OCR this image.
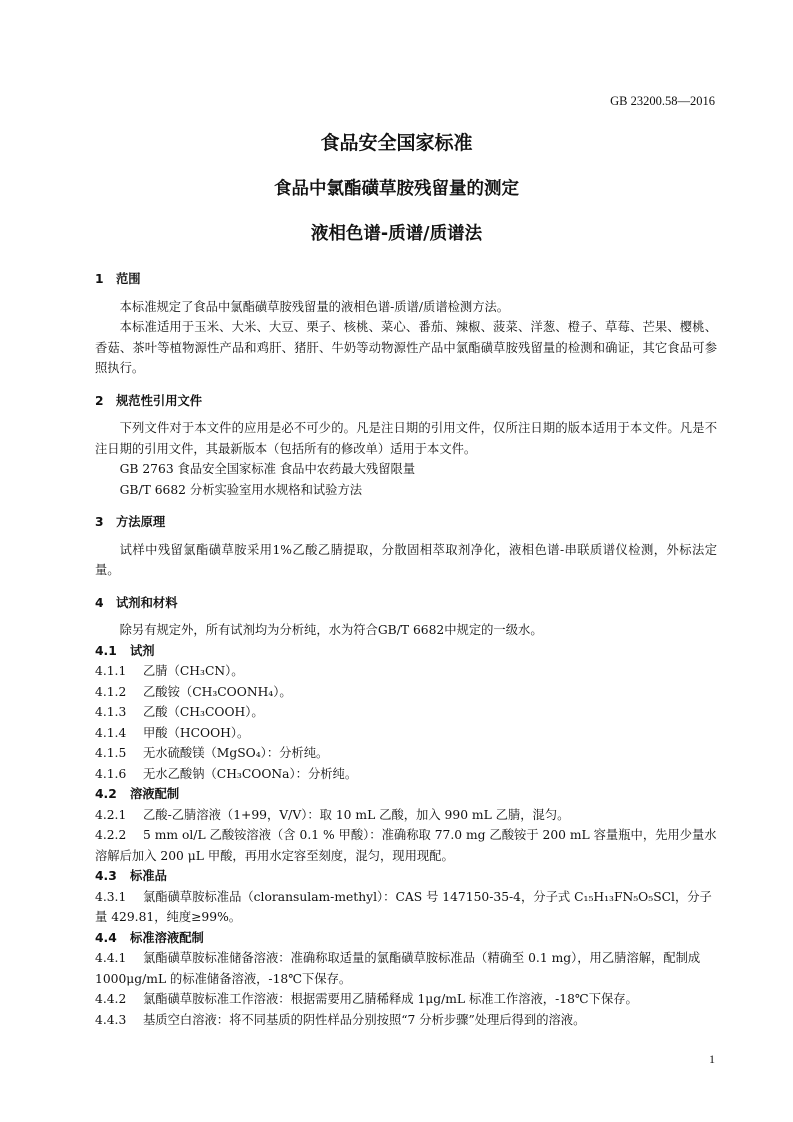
GB 23200.58—2016
食品安全国家标准
食品中氯酯磺草胺残留量的测定
液相色谱-质谱/质谱法

1 范围

本标准规定了食品中氯酯磺草胺残留量的液相色谱-质谱/质谱检测方法。

本标准适用于玉米、大米、大豆、栗子、核桃、菜心、番茄、辣椒、菠菜、洋葱、橙子、草莓、芒果、樱桃、香菇、茶叶等植物源性产品和鸡肝、猪肝、牛奶等动物源性产品中氯酯磺草胺残留量的检测和确证，其它食品可参照执行。

2 规范性引用文件

下列文件对于本文件的应用是必不可少的。凡是注日期的引用文件，仅所注日期的版本适用于本文件。凡是不注日期的引用文件，其最新版本（包括所有的修改单）适用于本文件。

GB 2763 食品安全国家标准 食品中农药最大残留限量

GB/T 6682 分析实验室用水规格和试验方法

3 方法原理

试样中残留氯酯磺草胺采用1%乙酸乙腈提取，分散固相萃取剂净化，液相色谱-串联质谱仪检测，外标法定量。

4 试剂和材料

除另有规定外，所有试剂均为分析纯，水为符合GB/T 6682中规定的一级水。

4.1 试剂

4.1.1 乙腈（CH₃CN）。

4.1.2 乙酸铵（CH₃COONH₄）。

4.1.3 乙酸（CH₃COOH）。

4.1.4 甲酸（HCOOH）。

4.1.5 无水硫酸镁（MgSO₄）：分析纯。

4.1.6 无水乙酸钠（CH₃COONa）：分析纯。

4.2 溶液配制

4.2.1 乙酸-乙腈溶液（1+99，V/V）：取 10 mL 乙酸，加入 990 mL 乙腈，混匀。

4.2.2 5 mm ol/L 乙酸铵溶液（含 0.1 % 甲酸）：准确称取 77.0 mg 乙酸铵于 200 mL 容量瓶中，先用少量水溶解后加入 200 μL 甲酸，再用水定容至刻度，混匀，现用现配。

4.3 标准品

4.3.1 氯酯磺草胺标准品（cloransulam-methyl）：CAS 号 147150-35-4，分子式 C₁₅H₁₃FN₅O₅SCl，分子量 429.81，纯度≥99%。

4.4 标准溶液配制

4.4.1 氯酯磺草胺标准储备溶液：准确称取适量的氯酯磺草胺标准品（精确至 0.1 mg），用乙腈溶解，配制成 1000μg/mL 的标准储备溶液，-18℃下保存。

4.4.2 氯酯磺草胺标准工作溶液：根据需要用乙腈稀释成 1μg/mL 标准工作溶液，-18℃下保存。

4.4.3 基质空白溶液：将不同基质的阴性样品分别按照“7 分析步骤”处理后得到的溶液。

1
